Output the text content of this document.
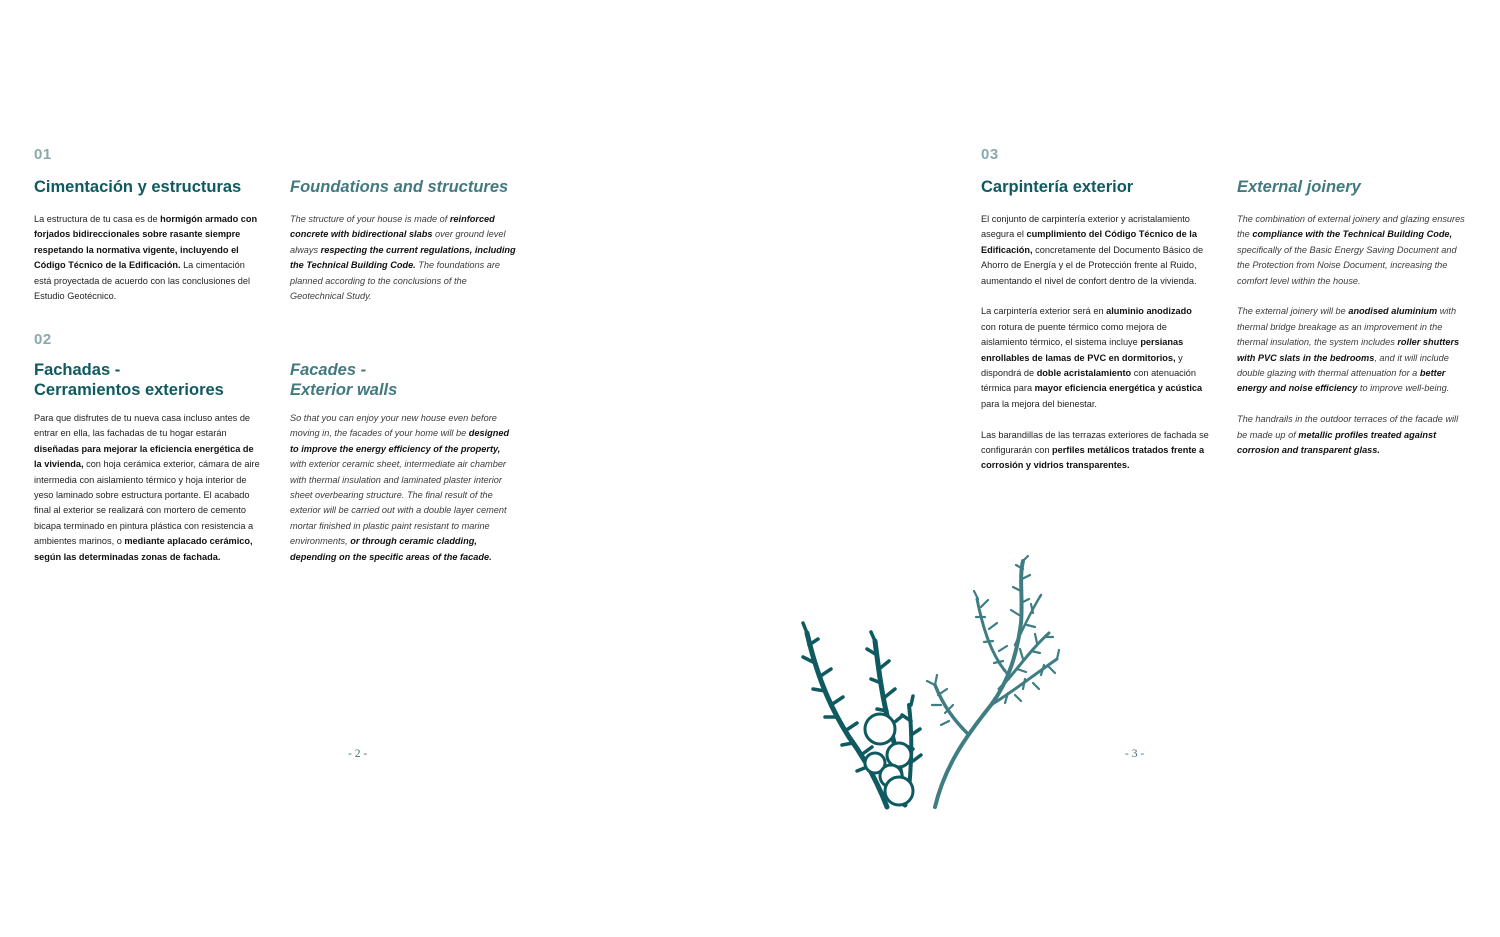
01
Cimentación y estructuras	Foundations and structures

La estructura de tu casa es de hormigón armado con forjados bidireccionales sobre rasante siempre respetando la normativa vigente, incluyendo el Código Técnico de la Edificación. La cimentación está proyectada de acuerdo con las conclusiones del Estudio Geotécnico.

The structure of your house is made of reinforced concrete with bidirectional slabs over ground level always respecting the current regulations, including the Technical Building Code. The foundations are planned according to the conclusions of the Geotechnical Study.

02
Fachadas -
Cerramientos exteriores
Facades -
Exterior walls

Para que disfrutes de tu nueva casa incluso antes de entrar en ella, las fachadas de tu hogar estarán diseñadas para mejorar la eficiencia energética de la vivienda, con hoja cerámica exterior, cámara de aire intermedia con aislamiento térmico y hoja interior de yeso laminado sobre estructura portante. El acabado final al exterior se realizará con mortero de cemento bicapa terminado en pintura plástica con resistencia a ambientes marinos, o mediante aplacado cerámico, según las determinadas zonas de fachada.

So that you can enjoy your new house even before moving in, the facades of your home will be designed to improve the energy efficiency of the property, with exterior ceramic sheet, intermediate air chamber with thermal insulation and laminated plaster interior sheet overbearing structure. The final result of the exterior will be carried out with a double layer cement mortar finished in plastic paint resistant to marine environments, or through ceramic cladding, depending on the specific areas of the facade.

- 2 -
03
Carpintería exterior	External joinery

El conjunto de carpintería exterior y acristalamiento asegura el cumplimiento del Código Técnico de la Edificación, concretamente del Documento Básico de Ahorro de Energía y el de Protección frente al Ruido, aumentando el nivel de confort dentro de la vivienda.

La carpintería exterior será en aluminio anodizado con rotura de puente térmico como mejora de aislamiento térmico, el sistema incluye persianas enrollables de lamas de PVC en dormitorios, y dispondrá de doble acristalamiento con atenuación térmica para mayor eficiencia energética y acústica para la mejora del bienestar.

Las barandillas de las terrazas exteriores de fachada se configurarán con perfiles metálicos tratados frente a corrosión y vidrios transparentes.

The combination of external joinery and glazing ensures the compliance with the Technical Building Code, specifically of the Basic Energy Saving Document and the Protection from Noise Document, increasing the comfort level within the house.

The external joinery will be anodised aluminium with thermal bridge breakage as an improvement in the thermal insulation, the system includes roller shutters with PVC slats in the bedrooms, and it will include double glazing with thermal attenuation for a better energy and noise efficiency to improve well-being.

The handrails in the outdoor terraces of the facade will be made up of metallic profiles treated against corrosion and transparent glass.

- 3 -
